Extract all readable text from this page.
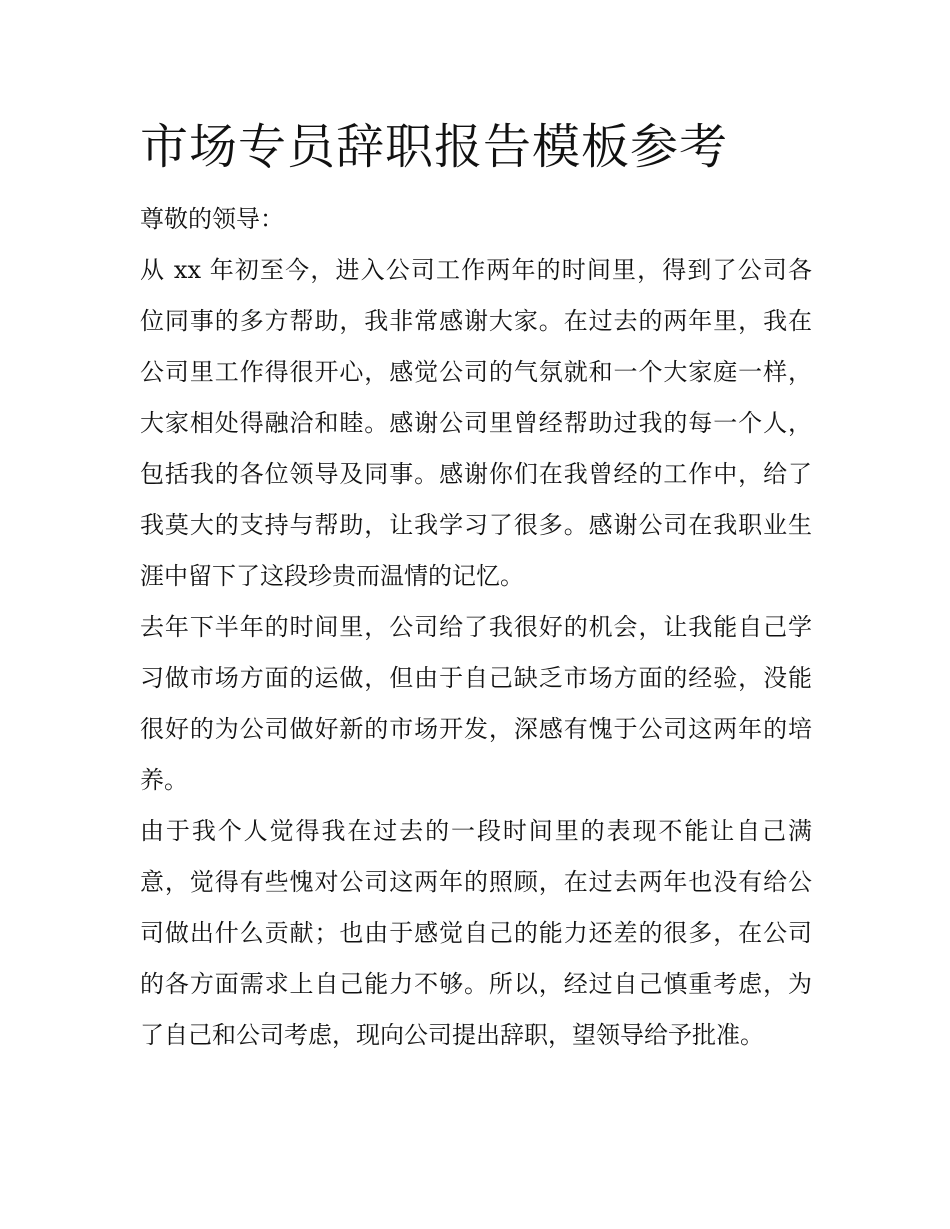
市场专员辞职报告模板参考
尊敬的领导：
从 xx 年初至今，进入公司工作两年的时间里，得到了公司各
位同事的多方帮助，我非常感谢大家。在过去的两年里，我在
公司里工作得很开心，感觉公司的气氛就和一个大家庭一样，
大家相处得融洽和睦。感谢公司里曾经帮助过我的每一个人，
包括我的各位领导及同事。感谢你们在我曾经的工作中，给了
我莫大的支持与帮助，让我学习了很多。感谢公司在我职业生
涯中留下了这段珍贵而温情的记忆。
去年下半年的时间里，公司给了我很好的机会，让我能自己学
习做市场方面的运做，但由于自己缺乏市场方面的经验，没能
很好的为公司做好新的市场开发，深感有愧于公司这两年的培
养。
由于我个人觉得我在过去的一段时间里的表现不能让自己满
意，觉得有些愧对公司这两年的照顾，在过去两年也没有给公
司做出什么贡献；也由于感觉自己的能力还差的很多，在公司
的各方面需求上自己能力不够。所以，经过自己慎重考虑，为
了自己和公司考虑，现向公司提出辞职，望领导给予批准。
